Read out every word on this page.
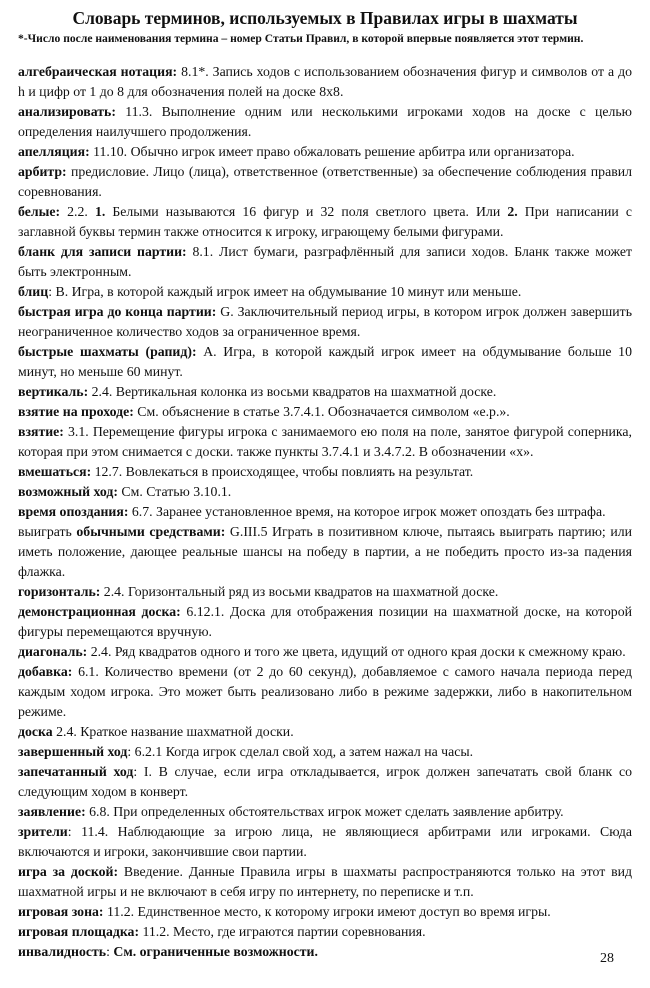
Словарь терминов, используемых в Правилах игры в шахматы

*-Число после наименования термина – номер Статьи Правил, в которой впервые появляется этот термин.

алгебраическая нотация: 8.1*. Запись ходов с использованием обозначения фигур и символов от a до h и цифр от 1 до 8 для обозначения полей на доске 8x8.

анализировать: 11.3. Выполнение одним или несколькими игроками ходов на доске с целью определения наилучшего продолжения.

апелляция: 11.10. Обычно игрок имеет право обжаловать решение арбитра или организатора.

арбитр: предисловие. Лицо (лица), ответственное (ответственные) за обеспечение соблюдения правил соревнования.

белые: 2.2. 1. Белыми называются 16 фигур и 32 поля светлого цвета. Или 2. При написании с заглавной буквы термин также относится к игроку, играющему белыми фигурами.

бланк для записи партии: 8.1. Лист бумаги, разграфлённый для записи ходов. Бланк также может быть электронным.

блиц: В. Игра, в которой каждый игрок имеет на обдумывание 10 минут или меньше.

быстрая игра до конца партии: G. Заключительный период игры, в котором игрок должен завершить неограниченное количество ходов за ограниченное время.

быстрые шахматы (рапид): А. Игра, в которой каждый игрок имеет на обдумывание больше 10 минут, но меньше 60 минут.

вертикаль: 2.4. Вертикальная колонка из восьми квадратов на шахматной доске.

взятие на проходе: См. объяснение в статье 3.7.4.1. Обозначается символом «e.p.».

взятие: 3.1. Перемещение фигуры игрока с занимаемого ею поля на поле, занятое фигурой соперника, которая при этом снимается с доски. также пункты 3.7.4.1 и 3.4.7.2. В обозначении «x».

вмешаться: 12.7. Вовлекаться в происходящее, чтобы повлиять на результат.

возможный ход: См. Статью 3.10.1.

время опоздания: 6.7. Заранее установленное время, на которое игрок может опоздать без штрафа.

выиграть обычными средствами: G.III.5 Играть в позитивном ключе, пытаясь выиграть партию; или иметь положение, дающее реальные шансы на победу в партии, а не победить просто из-за падения флажка.

горизонталь: 2.4. Горизонтальный ряд из восьми квадратов на шахматной доске.

демонстрационная доска: 6.12.1. Доска для отображения позиции на шахматной доске, на которой фигуры перемещаются вручную.

диагональ: 2.4. Ряд квадратов одного и того же цвета, идущий от одного края доски к смежному краю.

добавка: 6.1. Количество времени (от 2 до 60 секунд), добавляемое с самого начала периода перед каждым ходом игрока. Это может быть реализовано либо в режиме задержки, либо в накопительном режиме.

доска 2.4. Краткое название шахматной доски.

завершенный ход: 6.2.1 Когда игрок сделал свой ход, а затем нажал на часы.

запечатанный ход: I. В случае, если игра откладывается, игрок должен запечатать свой бланк со следующим ходом в конверт.

заявление: 6.8. При определенных обстоятельствах игрок может сделать заявление арбитру.

зрители: 11.4. Наблюдающие за игрою лица, не являющиеся арбитрами или игроками. Сюда включаются и игроки, закончившие свои партии.

игра за доской: Введение. Данные Правила игры в шахматы распространяются только на этот вид шахматной игры и не включают в себя игру по интернету, по переписке и т.п.

игровая зона: 11.2. Единственное место, к которому игроки имеют доступ во время игры.

игровая площадка: 11.2. Место, где играются партии соревнования.

инвалидность: См. ограниченные возможности.	28
